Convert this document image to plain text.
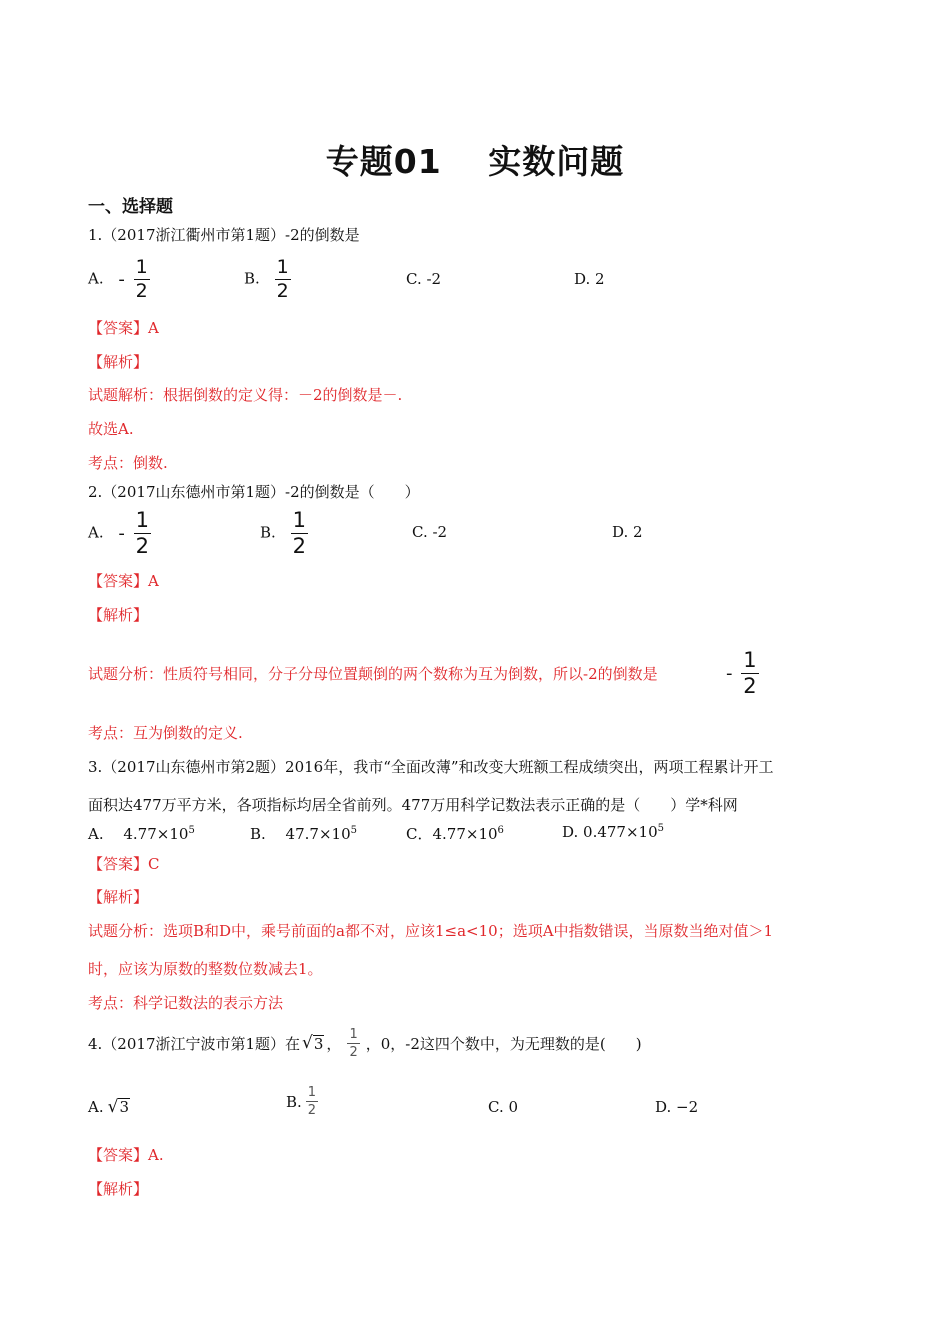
专题01　 实数问题
一、选择题
1.（2017浙江衢州市第1题）-2的倒数是
A. - $\frac{1}{2}$	B. $\frac{1}{2}$	C. -2	D. 2
【答案】A
【解析】
试题解析：根据倒数的定义得：－2的倒数是－.
故选A.
考点：倒数.
2.（2017山东德州市第1题）-2的倒数是（　　）
A. - $\frac{1}{2}$	B. $\frac{1}{2}$	C. -2	D. 2
【答案】A
【解析】
试题分析：性质符号相同，分子分母位置颠倒的两个数称为互为倒数，所以-2的倒数是	- $\frac{1}{2}$
考点：互为倒数的定义.
3.（2017山东德州市第2题）2016年，我市“全面改薄”和改变大班额工程成绩突出，两项工程累计开工
面积达477万平方米，各项指标均居全省前列。477万用科学记数法表示正确的是（　　）学*科网
A.　 $4.77\times 10^5$	B.　 $47.7\times 10^5$	C．$4.77\times 10^6$	D. $0.477\times 10^5$
【答案】C
【解析】
试题分析：选项B和D中，乘号前面的a都不对，应该1≤a<10；选项A中指数错误，当原数当绝对值＞1
时，应该为原数的整数位数减去1。
考点：科学记数法的表示方法
4.（2017浙江宁波市第1题）在 √ 3 ， $\frac{1}{2}$ ，0，-2这四个数中，为无理数的是(　　)
A. √ 3	B. $\frac{1}{2}$	C. 0	D. −2
【答案】A.
【解析】
